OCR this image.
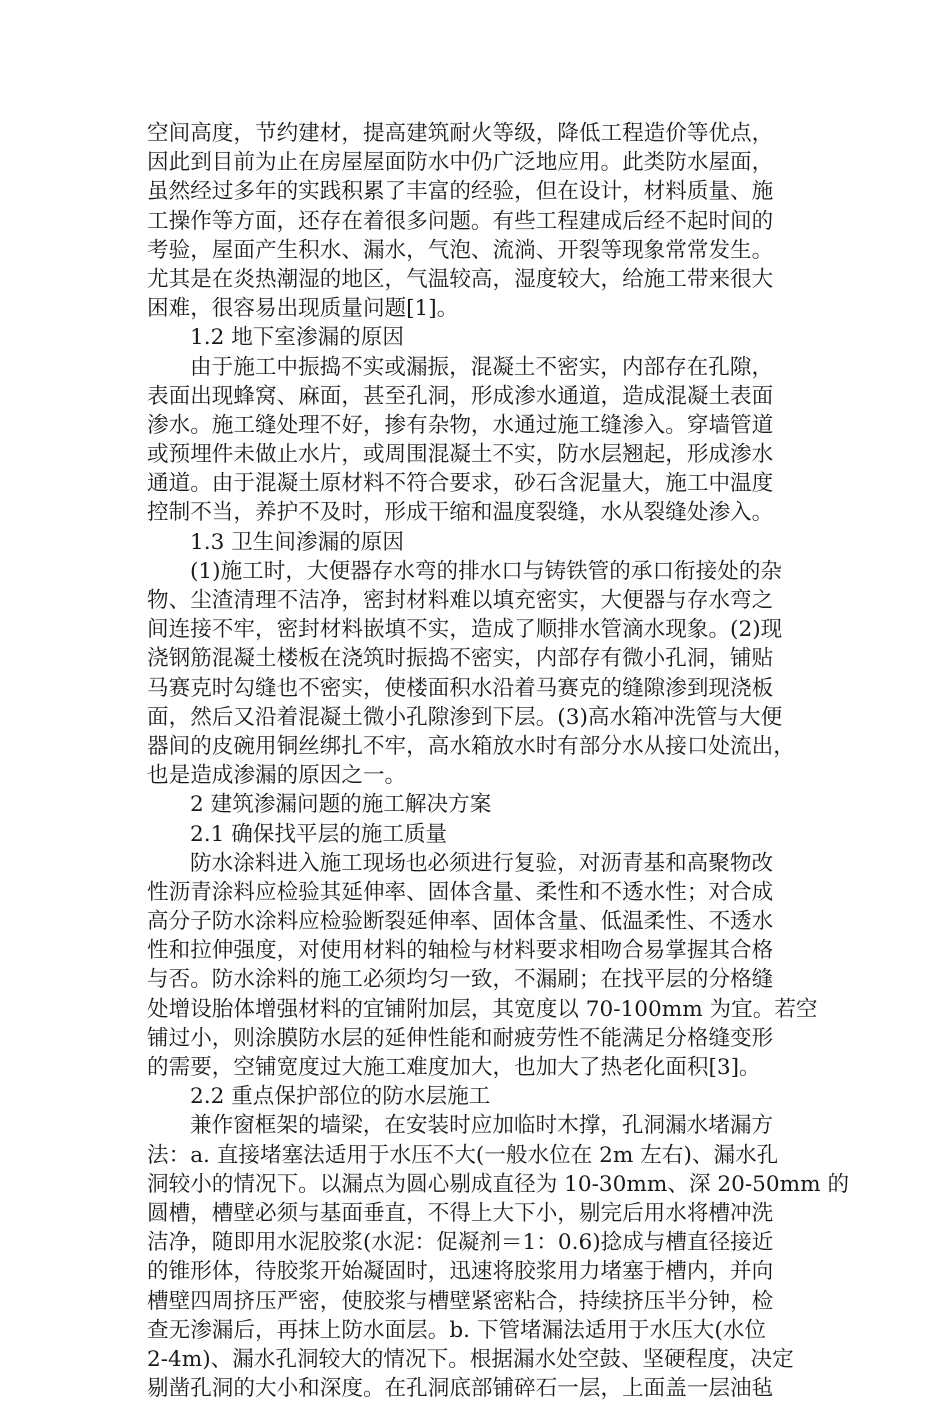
空间高度，节约建材，提高建筑耐火等级，降低工程造价等优点，
因此到目前为止在房屋屋面防水中仍广泛地应用。此类防水屋面，
虽然经过多年的实践积累了丰富的经验，但在设计，材料质量、施
工操作等方面，还存在着很多问题。有些工程建成后经不起时间的
考验，屋面产生积水、漏水，气泡、流淌、开裂等现象常常发生。
尤其是在炎热潮湿的地区，气温较高，湿度较大，给施工带来很大
困难，很容易出现质量问题[1]。
1.2 地下室渗漏的原因
由于施工中振捣不实或漏振，混凝土不密实，内部存在孔隙，
表面出现蜂窝、麻面，甚至孔洞，形成渗水通道，造成混凝土表面
渗水。施工缝处理不好，掺有杂物，水通过施工缝渗入。穿墙管道
或预埋件未做止水片，或周围混凝土不实，防水层翘起，形成渗水
通道。由于混凝土原材料不符合要求，砂石含泥量大，施工中温度
控制不当，养护不及时，形成干缩和温度裂缝，水从裂缝处渗入。
1.3 卫生间渗漏的原因
(1)施工时，大便器存水弯的排水口与铸铁管的承口衔接处的杂
物、尘渣清理不洁净，密封材料难以填充密实，大便器与存水弯之
间连接不牢，密封材料嵌填不实，造成了顺排水管滴水现象。(2)现
浇钢筋混凝土楼板在浇筑时振捣不密实，内部存有微小孔洞，铺贴
马赛克时勾缝也不密实，使楼面积水沿着马赛克的缝隙渗到现浇板
面，然后又沿着混凝土微小孔隙渗到下层。(3)高水箱冲洗管与大便
器间的皮碗用铜丝绑扎不牢，高水箱放水时有部分水从接口处流出，
也是造成渗漏的原因之一。
2 建筑渗漏问题的施工解决方案
2.1 确保找平层的施工质量
防水涂料进入施工现场也必须进行复验，对沥青基和高聚物改
性沥青涂料应检验其延伸率、固体含量、柔性和不透水性；对合成
高分子防水涂料应检验断裂延伸率、固体含量、低温柔性、不透水
性和拉伸强度，对使用材料的轴检与材料要求相吻合易掌握其合格
与否。防水涂料的施工必须均匀一致，不漏刷；在找平层的分格缝
处增设胎体增强材料的宜铺附加层，其宽度以 70-100mm 为宜。若空
铺过小，则涂膜防水层的延伸性能和耐疲劳性不能满足分格缝变形
的需要，空铺宽度过大施工难度加大，也加大了热老化面积[3]。
2.2 重点保护部位的防水层施工
兼作窗框架的墙梁，在安装时应加临时木撑，孔洞漏水堵漏方
法：a. 直接堵塞法适用于水压不大(一般水位在 2m 左右)、漏水孔
洞较小的情况下。以漏点为圆心剔成直径为 10-30mm、深 20-50mm 的
圆槽，槽壁必须与基面垂直，不得上大下小，剔完后用水将槽冲洗
洁净，随即用水泥胶浆(水泥：促凝剂＝1：0.6)捻成与槽直径接近
的锥形体，待胶浆开始凝固时，迅速将胶浆用力堵塞于槽内，并向
槽壁四周挤压严密，使胶浆与槽壁紧密粘合，持续挤压半分钟，检
查无渗漏后，再抹上防水面层。b. 下管堵漏法适用于水压大(水位
2-4m)、漏水孔洞较大的情况下。根据漏水处空鼓、坚硬程度，决定
剔凿孔洞的大小和深度。在孔洞底部铺碎石一层，上面盖一层油毡
